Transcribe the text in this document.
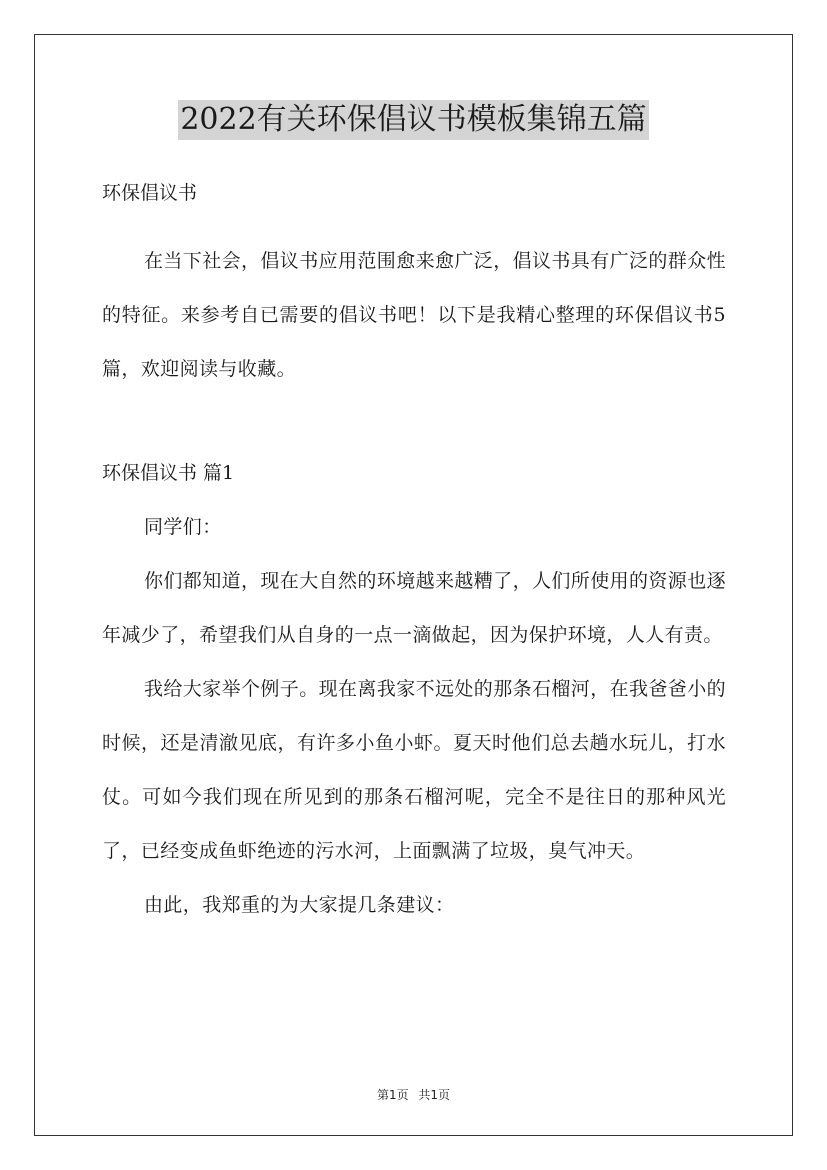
2022有关环保倡议书模板集锦五篇

环保倡议书

在当下社会，倡议书应用范围愈来愈广泛，倡议书具有广泛的群众性的特征。来参考自已需要的倡议书吧！以下是我精心整理的环保倡议书5篇，欢迎阅读与收藏。

环保倡议书 篇1

同学们：

你们都知道，现在大自然的环境越来越糟了，人们所使用的资源也逐年减少了，希望我们从自身的一点一滴做起，因为保护环境，人人有责。

我给大家举个例子。现在离我家不远处的那条石榴河，在我爸爸小的时候，还是清澈见底，有许多小鱼小虾。夏天时他们总去趟水玩儿，打水仗。可如今我们现在所见到的那条石榴河呢，完全不是往日的那种风光了，已经变成鱼虾绝迹的污水河，上面飘满了垃圾，臭气冲天。

由此，我郑重的为大家提几条建议：

第1页 共1页
